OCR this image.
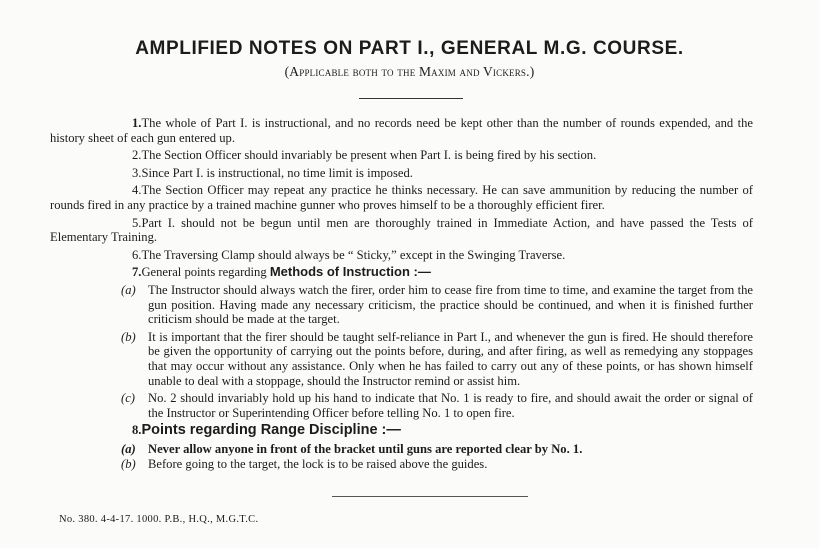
AMPLIFIED NOTES ON PART I., GENERAL M.G. COURSE.
(Applicable both to the Maxim and Vickers.)

1.The whole of Part I. is instructional, and no records need be kept other than the number of rounds expended, and the history sheet of each gun entered up.

2.The Section Officer should invariably be present when Part I. is being fired by his section.

3.Since Part I. is instructional, no time limit is imposed.

4.The Section Officer may repeat any practice he thinks necessary. He can save ammunition by reducing the number of rounds fired in any practice by a trained machine gunner who proves himself to be a thoroughly efficient firer.

5.Part I. should not be begun until men are thoroughly trained in Immediate Action, and have passed the Tests of Elementary Training.

6.The Traversing Clamp should always be “ Sticky,” except in the Swinging Traverse.

7.General points regarding Methods of Instruction :—

(a) The Instructor should always watch the firer, order him to cease fire from time to time, and examine the target from the gun position. Having made any necessary criticism, the practice should be continued, and when it is finished further criticism should be made at the target.
(b) It is important that the firer should be taught self-reliance in Part I., and whenever the gun is fired. He should therefore be given the opportunity of carrying out the points before, during, and after firing, as well as remedying any stoppages that may occur without any assistance. Only when he has failed to carry out any of these points, or has shown himself unable to deal with a stoppage, should the Instructor remind or assist him.
(c)	No. 2 should invariably hold up his hand to indicate that No. 1 is ready to fire, and should await the order or signal of the Instructor or Superintending Officer before telling No. 1 to open fire.

8.Points regarding Range Discipline :—

(a) Never allow anyone in front of the bracket until guns are reported clear by No. 1.
(b) Before going to the target, the lock is to be raised above the guides.
No. 380. 4-4-17. 1000. P.B., H.Q., M.G.T.C.
